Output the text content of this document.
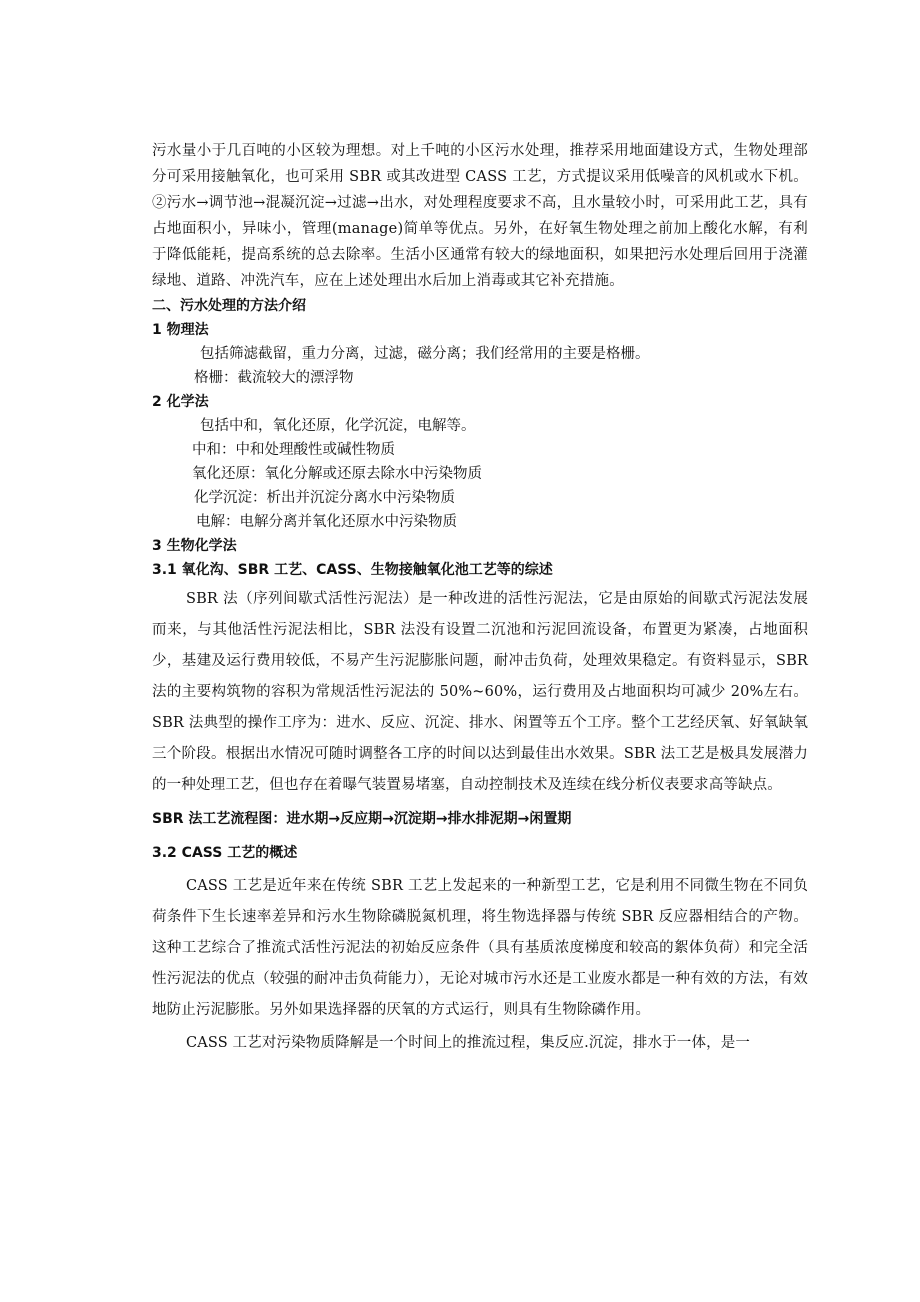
污水量小于几百吨的小区较为理想。对上千吨的小区污水处理，推荐采用地面建设方式，生物处理部分可采用接触氧化，也可采用 SBR 或其改进型 CASS 工艺，方式提议采用低噪音的风机或水下机。②污水→调节池→混凝沉淀→过滤→出水，对处理程度要求不高，且水量较小时，可采用此工艺，具有占地面积小，异味小，管理(manage)简单等优点。另外，在好氧生物处理之前加上酸化水解，有利于降低能耗，提高系统的总去除率。生活小区通常有较大的绿地面积，如果把污水处理后回用于浇灌绿地、道路、冲洗汽车，应在上述处理出水后加上消毒或其它补充措施。

二、污水处理的方法介绍
1 物理法
包括筛滤截留，重力分离，过滤，磁分离；我们经常用的主要是格栅。
格栅：截流较大的漂浮物
2 化学法
包括中和，氧化还原，化学沉淀，电解等。
中和：中和处理酸性或碱性物质
氧化还原：氧化分解或还原去除水中污染物质
化学沉淀：析出并沉淀分离水中污染物质
电解：电解分离并氧化还原水中污染物质
3 生物化学法
3.1 氧化沟、SBR 工艺、CASS、生物接触氧化池工艺等的综述

SBR 法（序列间歇式活性污泥法）是一种改进的活性污泥法，它是由原始的间歇式污泥法发展而来，与其他活性污泥法相比，SBR 法没有设置二沉池和污泥回流设备，布置更为紧凑，占地面积少，基建及运行费用较低，不易产生污泥膨胀问题，耐冲击负荷，处理效果稳定。有资料显示，SBR 法的主要构筑物的容积为常规活性污泥法的 50%~60%，运行费用及占地面积均可减少 20%左右。SBR 法典型的操作工序为：进水、反应、沉淀、排水、闲置等五个工序。整个工艺经厌氧、好氧缺氧三个阶段。根据出水情况可随时调整各工序的时间以达到最佳出水效果。SBR 法工艺是极具发展潜力的一种处理工艺，但也存在着曝气装置易堵塞，自动控制技术及连续在线分析仪表要求高等缺点。

SBR 法工艺流程图：进水期→反应期→沉淀期→排水排泥期→闲置期
3.2 CASS 工艺的概述

CASS 工艺是近年来在传统 SBR 工艺上发起来的一种新型工艺，它是利用不同微生物在不同负荷条件下生长速率差异和污水生物除磷脱氮机理，将生物选择器与传统 SBR 反应器相结合的产物。这种工艺综合了推流式活性污泥法的初始反应条件（具有基质浓度梯度和较高的絮体负荷）和完全活性污泥法的优点（较强的耐冲击负荷能力），无论对城市污水还是工业废水都是一种有效的方法，有效地防止污泥膨胀。另外如果选择器的厌氧的方式运行，则具有生物除磷作用。

CASS 工艺对污染物质降解是一个时间上的推流过程，集反应.沉淀，排水于一体，是一
